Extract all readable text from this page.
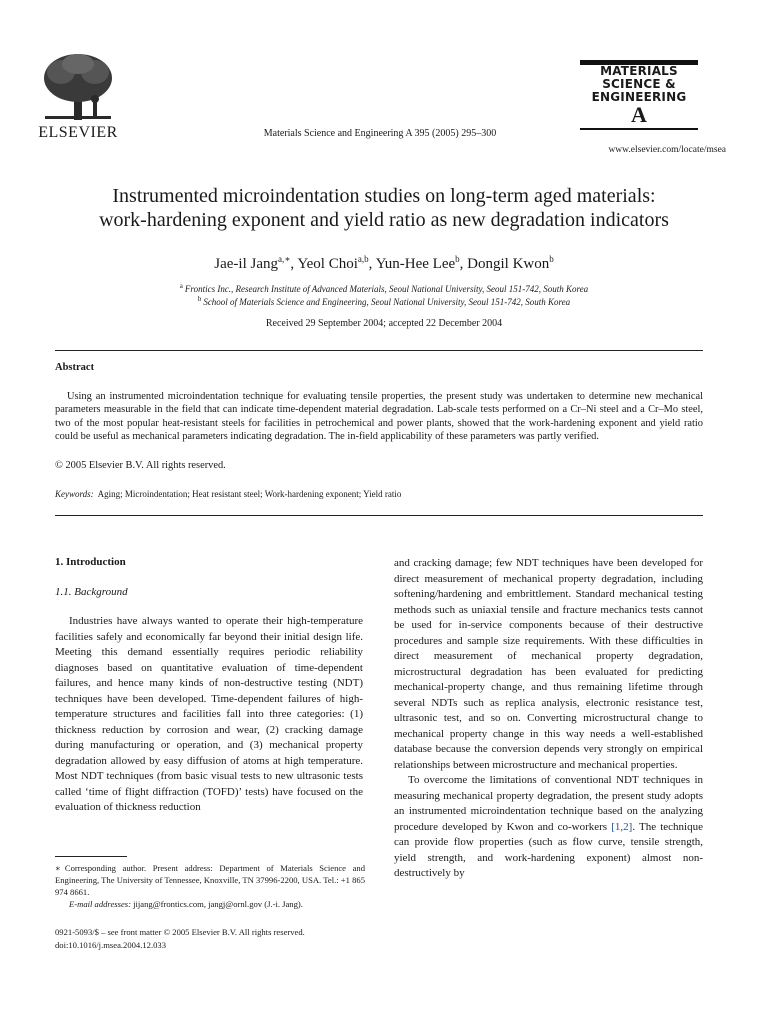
ELSEVIER	Materials Science and Engineering A 395 (2005) 295–300
MATERIALS
SCIENCE &
ENGINEERING
A
www.elsevier.com/locate/msea
Instrumented microindentation studies on long-term aged materials:
work-hardening exponent and yield ratio as new degradation indicators
Jae-il Jang$^{a,∗}$, Yeol Choi$^{a,b}$, Yun-Hee Lee$^b$, Dongil Kwon$^b$
$^a$ Frontics Inc., Research Institute of Advanced Materials, Seoul National University, Seoul 151-742, South Korea
$^b$ School of Materials Science and Engineering, Seoul National University, Seoul 151-742, South Korea
Received 29 September 2004; accepted 22 December 2004
Abstract
Using an instrumented microindentation technique for evaluating tensile properties, the present study was undertaken to determine new mechanical parameters measurable in the field that can indicate time-dependent material degradation. Lab-scale tests performed on a Cr–Ni steel and a Cr–Mo steel, two of the most popular heat-resistant steels for facilities in petrochemical and power plants, showed that the work-hardening exponent and yield ratio could be useful as mechanical parameters indicating degradation. The in-field applicability of these parameters was partly verified.
© 2005 Elsevier B.V. All rights reserved.
Keywords: Aging; Microindentation; Heat resistant steel; Work-hardening exponent; Yield ratio
1. Introduction
1.1. Background

Industries have always wanted to operate their high-temperature facilities safely and economically far beyond their initial design life. Meeting this demand essentially requires periodic reliability diagnoses based on quantitative evaluation of time-dependent failures, and hence many kinds of non-destructive testing (NDT) techniques have been developed. Time-dependent failures of high-temperature structures and facilities fall into three categories: (1) thickness reduction by corrosion and wear, (2) cracking damage during manufacturing or operation, and (3) mechanical property degradation allowed by easy diffusion of atoms at high temperature. Most NDT techniques (from basic visual tests to new ultrasonic tests called ‘time of flight diffraction (TOFD)’ tests) have focused on the evaluation of thickness reduction

and cracking damage; few NDT techniques have been developed for direct measurement of mechanical property degradation, including softening/hardening and embrittlement. Standard mechanical testing methods such as uniaxial tensile and fracture mechanics tests cannot be used for in-service components because of their destructive procedures and sample size requirements. With these difficulties in direct measurement of mechanical property degradation, microstructural degradation has been evaluated for predicting mechanical-property change, and thus remaining lifetime through several NDTs such as replica analysis, electronic resistance test, ultrasonic test, and so on. Converting microstructural change to mechanical property change in this way needs a well-established database because the conversion depends very strongly on empirical relationships between microstructure and mechanical properties.

To overcome the limitations of conventional NDT techniques in measuring mechanical property degradation, the present study adopts an instrumented microindentation technique based on the analyzing procedure developed by Kwon and co-workers [1,2]. The technique can provide flow properties (such as flow curve, tensile strength, yield strength, and work-hardening exponent) almost non-destructively by

∗ Corresponding author. Present address: Department of Materials Science and Engineering, The University of Tennessee, Knoxville, TN 37996-2200, USA. Tel.: +1 865 974 8661.
E-mail addresses: jijang@frontics.com, jangj@ornl.gov (J.-i. Jang).
0921-5093/$ – see front matter © 2005 Elsevier B.V. All rights reserved.
doi:10.1016/j.msea.2004.12.033
